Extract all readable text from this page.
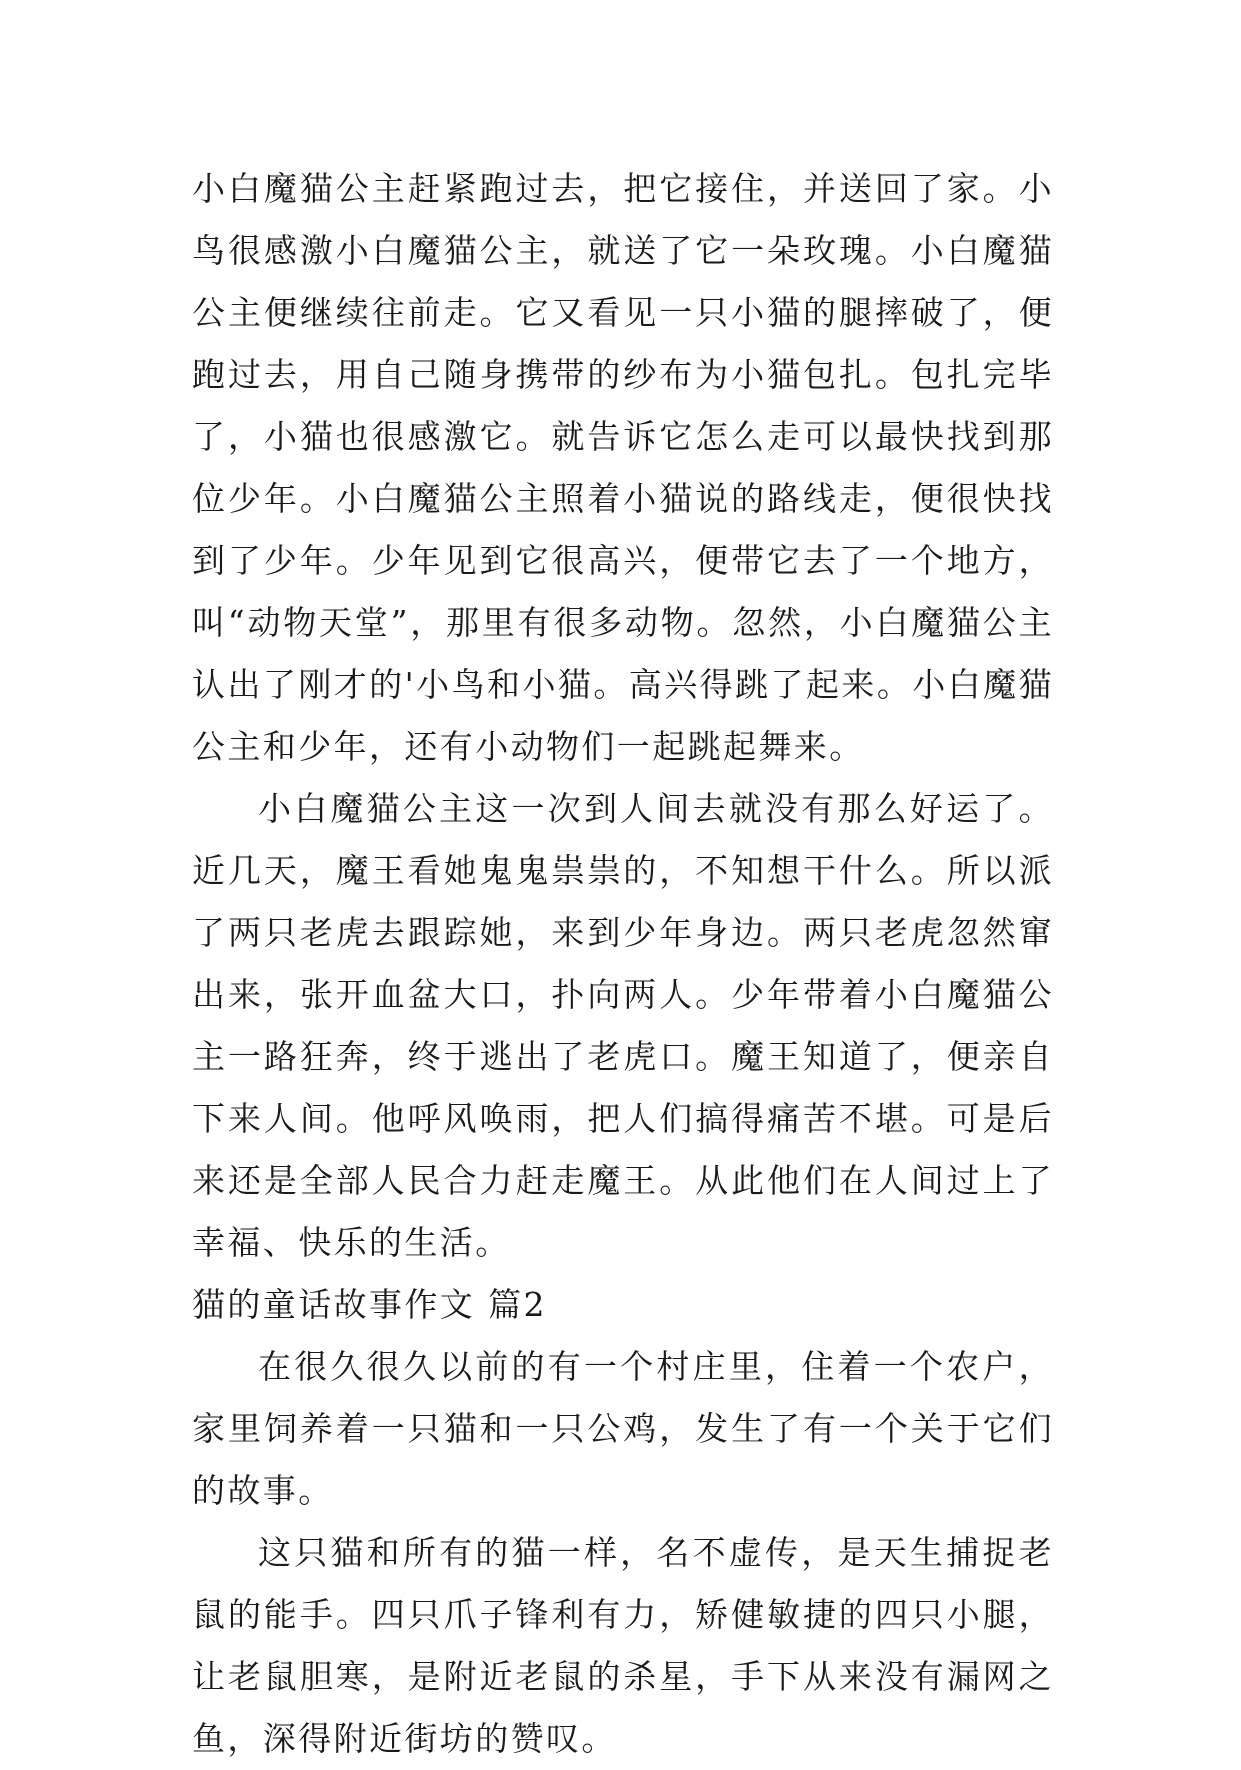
小白魔猫公主赶紧跑过去，把它接住，并送回了家。小鸟很感激小白魔猫公主，就送了它一朵玫瑰。小白魔猫公主便继续往前走。它又看见一只小猫的腿摔破了，便跑过去，用自己随身携带的纱布为小猫包扎。包扎完毕了，小猫也很感激它。就告诉它怎么走可以最快找到那位少年。小白魔猫公主照着小猫说的路线走，便很快找到了少年。少年见到它很高兴，便带它去了一个地方，叫“动物天堂”，那里有很多动物。忽然，小白魔猫公主认出了刚才的'小鸟和小猫。高兴得跳了起来。小白魔猫公主和少年，还有小动物们一起跳起舞来。

小白魔猫公主这一次到人间去就没有那么好运了。近几天，魔王看她鬼鬼祟祟的，不知想干什么。所以派了两只老虎去跟踪她，来到少年身边。两只老虎忽然窜出来，张开血盆大口，扑向两人。少年带着小白魔猫公主一路狂奔，终于逃出了老虎口。魔王知道了，便亲自下来人间。他呼风唤雨，把人们搞得痛苦不堪。可是后来还是全部人民合力赶走魔王。从此他们在人间过上了幸福、快乐的生活。

猫的童话故事作文 篇2

在很久很久以前的有一个村庄里，住着一个农户，家里饲养着一只猫和一只公鸡，发生了有一个关于它们的故事。

这只猫和所有的猫一样，名不虚传，是天生捕捉老鼠的能手。四只爪子锋利有力，矫健敏捷的四只小腿，让老鼠胆寒，是附近老鼠的杀星，手下从来没有漏网之鱼，深得附近街坊的赞叹。
